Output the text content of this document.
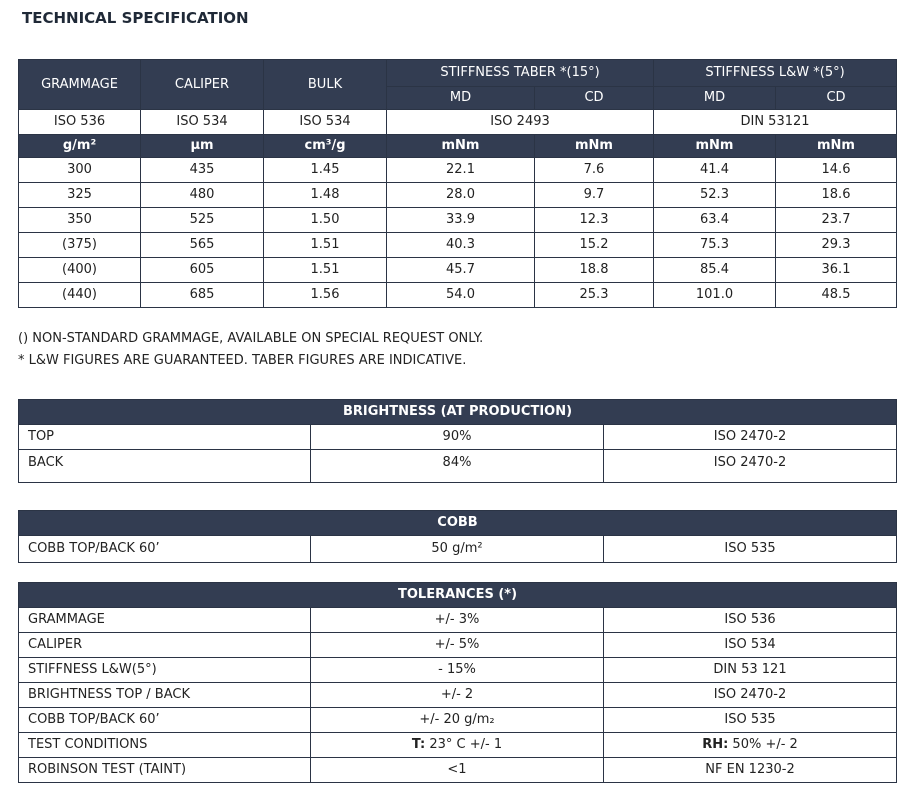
TECHNICAL SPECIFICATION
GRAMMAGE	CALIPER	BULK	STIFFNESS TABER *(15°)		STIFFNESS L&W *(5°)	
			MD	CD	MD	CD
ISO 536	ISO 534	ISO 534	ISO 2493		DIN 53121	
g/m²	µm	cm³/g	mNm	mNm	mNm	mNm
300	435	1.45	22.1	7.6	41.4	14.6
325	480	1.48	28.0	9.7	52.3	18.6
350	525	1.50	33.9	12.3	63.4	23.7
(375)	565	1.51	40.3	15.2	75.3	29.3
(400)	605	1.51	45.7	18.8	85.4	36.1
(440)	685	1.56	54.0	25.3	101.0	48.5
() NON-STANDARD GRAMMAGE, AVAILABLE ON SPECIAL REQUEST ONLY.
* L&W FIGURES ARE GUARANTEED. TABER FIGURES ARE INDICATIVE.
BRIGHTNESS (AT PRODUCTION)		
TOP	90%	ISO 2470-2
BACK	84%	ISO 2470-2
COBB
COBB TOP/BACK 60’	50 g/m²	ISO 535
TOLERANCES (*)		
GRAMMAGE	+/- 3%	ISO 536
CALIPER	+/- 5%	ISO 534
STIFFNESS L&W(5°)	- 15%	DIN 53 121
BRIGHTNESS TOP / BACK	+/- 2	ISO 2470-2
COBB TOP/BACK 60’	+/- 20 g/m₂	ISO 535
TEST CONDITIONS	T: 23° C +/- 1	RH: 50% +/- 2
ROBINSON TEST (TAINT)	<1	NF EN 1230-2
